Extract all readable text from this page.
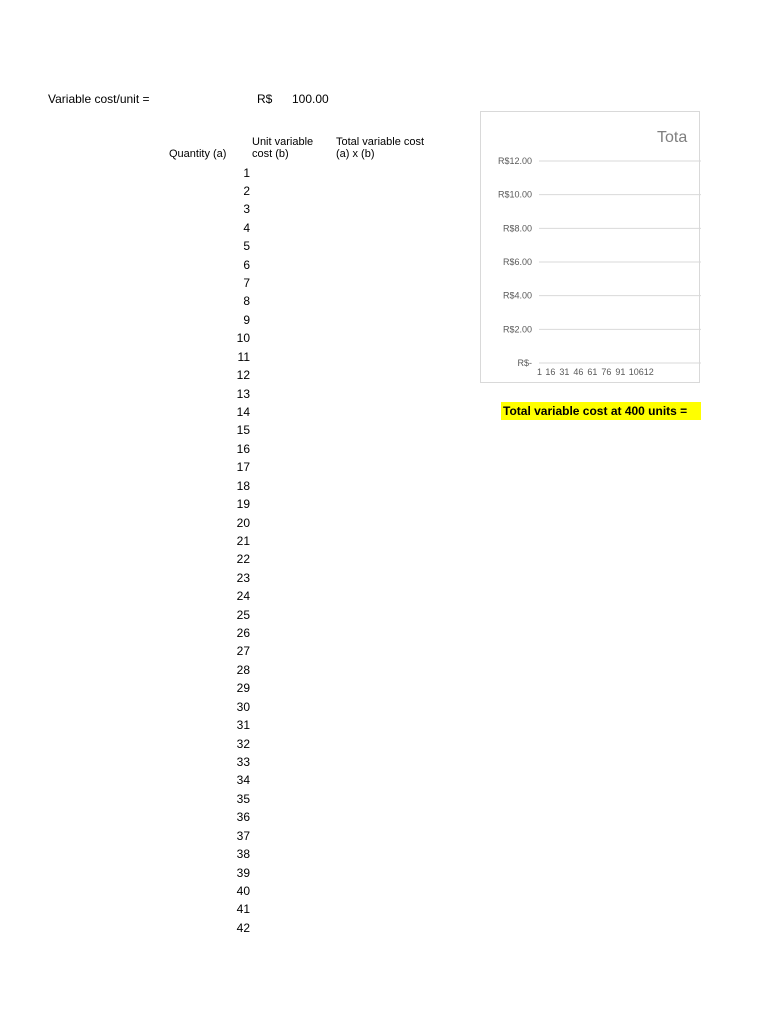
Variable cost/unit =	R$ 100.00
Quantity (a)
Unit variable
cost (b)
Total variable cost
(a) x (b)
1
2
3
4
5
6
7
8
9
10
11
12
13
14
15
16
17
18
19
20
21
22
23
24
25
26
27
28
29
30
31
32
33
34
35
36
37
38
39
40
41
42
Tota
R$-
R$2.00
R$4.00
R$6.00
R$8.00
R$10.00
R$12.00
1 16 31 46 61 76 91 10612
Total variable cost at 400 units =
